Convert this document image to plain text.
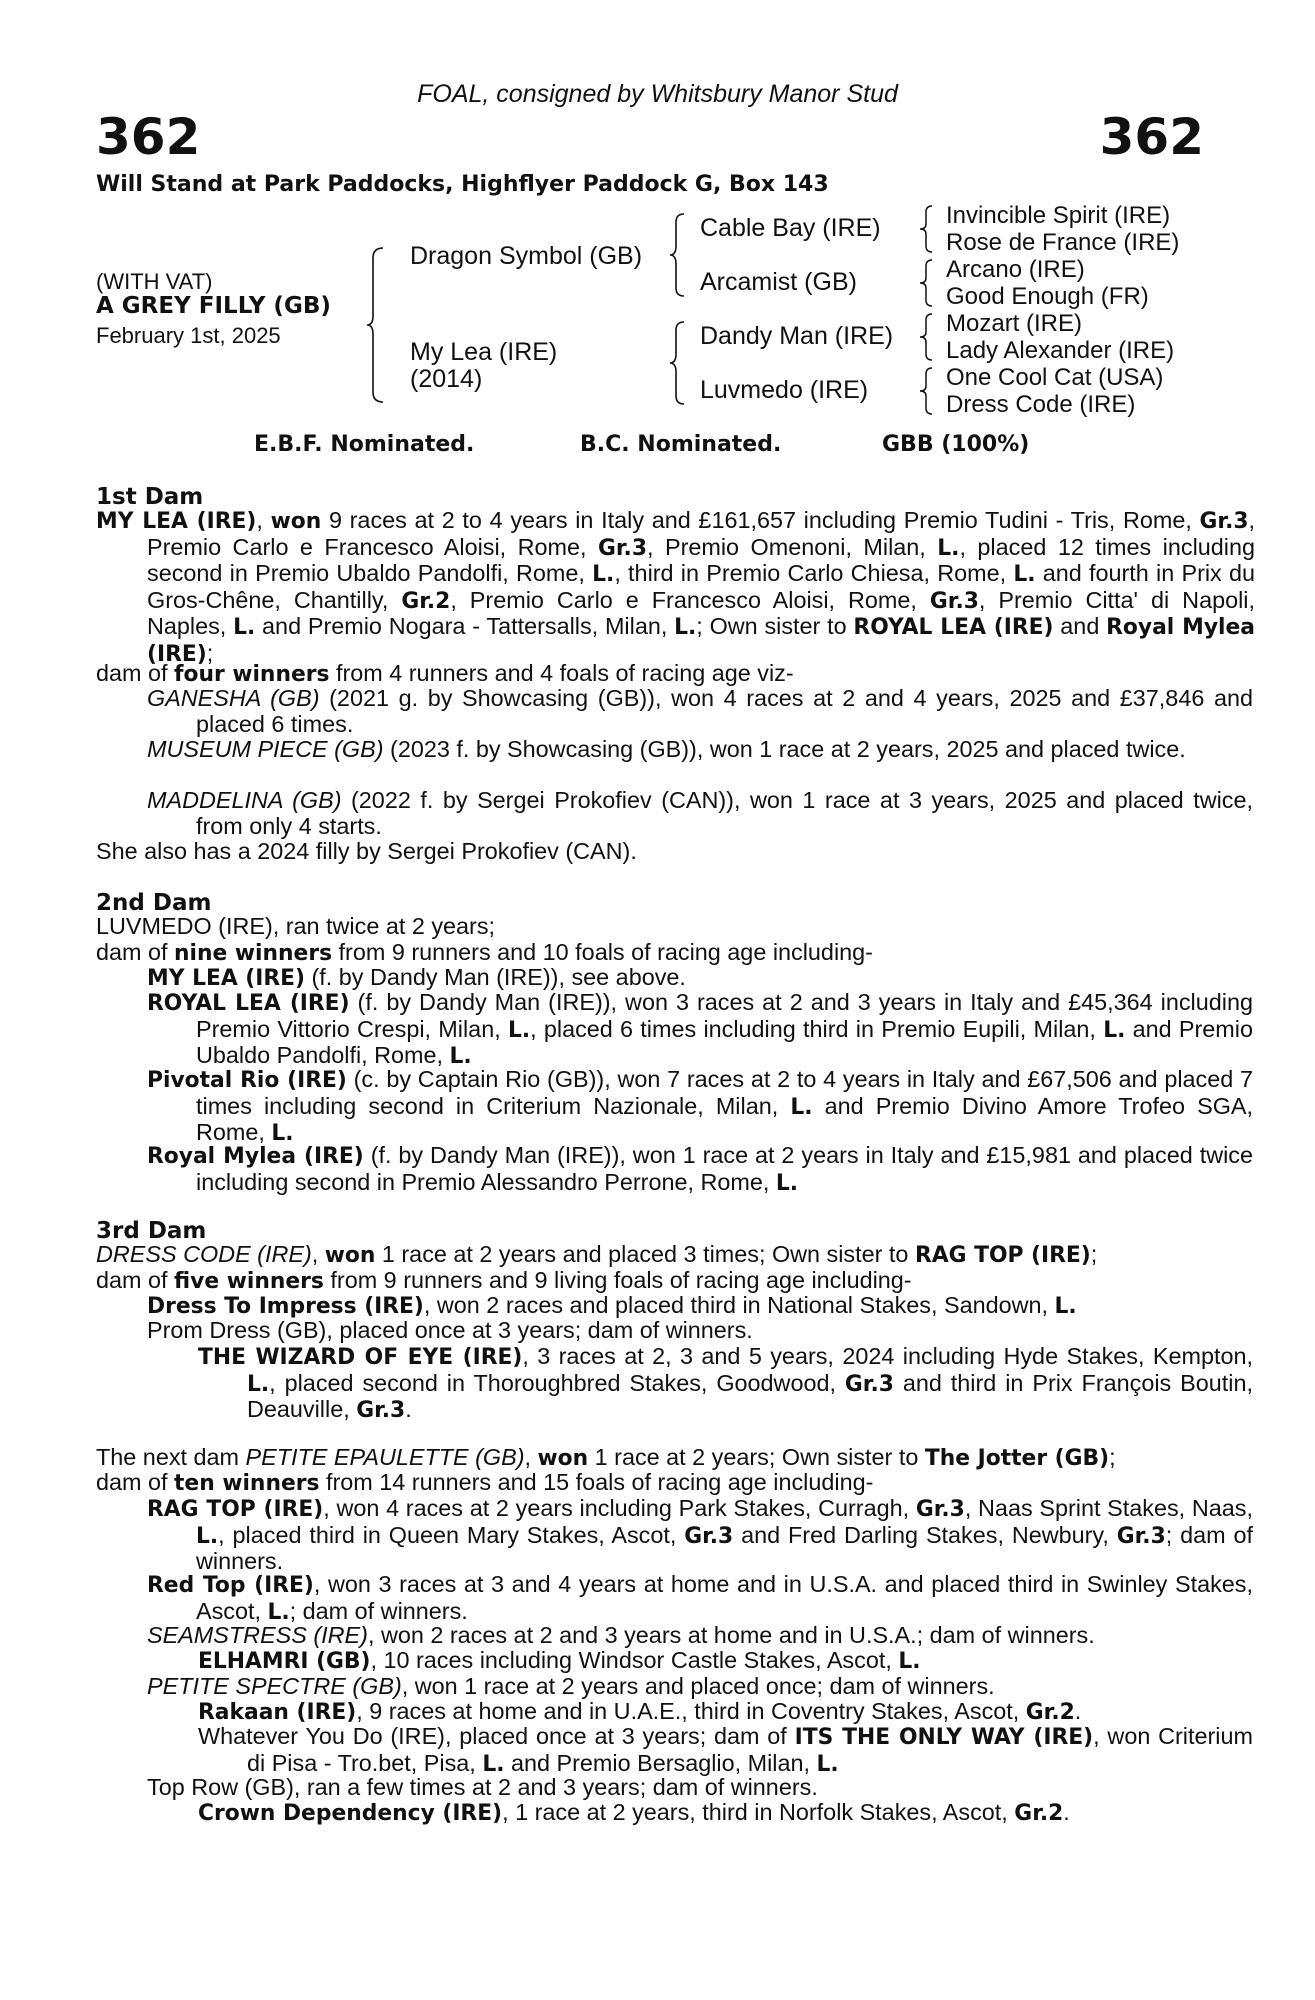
FOAL, consigned by Whitsbury Manor Stud
362	362
Will Stand at Park Paddocks, Highflyer Paddock G, Box 143
(WITH VAT)
A GREY FILLY (GB)
February 1st, 2025
Dragon Symbol (GB)
My Lea (IRE)
(2014)
Cable Bay (IRE)
Arcamist (GB)
Dandy Man (IRE)
Luvmedo (IRE)
Invincible Spirit (IRE)
Rose de France (IRE)
Arcano (IRE)
Good Enough (FR)
Mozart (IRE)
Lady Alexander (IRE)
One Cool Cat (USA)
Dress Code (IRE)
E.B.F. Nominated.	B.C. Nominated.	GBB (100%)
1st Dam
MY LEA (IRE), won 9 races at 2 to 4 years in Italy and £161,657 including Premio Tudini - Tris, Rome, Gr.3, Premio Carlo e Francesco Aloisi, Rome, Gr.3, Premio Omenoni, Milan, L., placed 12 times including second in Premio Ubaldo Pandolfi, Rome, L., third in Premio Carlo Chiesa, Rome, L. and fourth in Prix du Gros-Chêne, Chantilly, Gr.2, Premio Carlo e Francesco Aloisi, Rome, Gr.3, Premio Citta' di Napoli, Naples, L. and Premio Nogara - Tattersalls, Milan, L.; Own sister to ROYAL LEA (IRE) and Royal Mylea (IRE);
dam of four winners from 4 runners and 4 foals of racing age viz-
GANESHA (GB) (2021 g. by Showcasing (GB)), won 4 races at 2 and 4 years, 2025 and £37,846 and placed 6 times.
MUSEUM PIECE (GB) (2023 f. by Showcasing (GB)), won 1 race at 2 years, 2025 and placed twice.
MADDELINA (GB) (2022 f. by Sergei Prokofiev (CAN)), won 1 race at 3 years, 2025 and placed twice, from only 4 starts.
She also has a 2024 filly by Sergei Prokofiev (CAN).
2nd Dam
LUVMEDO (IRE), ran twice at 2 years;
dam of nine winners from 9 runners and 10 foals of racing age including-
MY LEA (IRE) (f. by Dandy Man (IRE)), see above.
ROYAL LEA (IRE) (f. by Dandy Man (IRE)), won 3 races at 2 and 3 years in Italy and £45,364 including Premio Vittorio Crespi, Milan, L., placed 6 times including third in Premio Eupili, Milan, L. and Premio Ubaldo Pandolfi, Rome, L.
Pivotal Rio (IRE) (c. by Captain Rio (GB)), won 7 races at 2 to 4 years in Italy and £67,506 and placed 7 times including second in Criterium Nazionale, Milan, L. and Premio Divino Amore Trofeo SGA, Rome, L.
Royal Mylea (IRE) (f. by Dandy Man (IRE)), won 1 race at 2 years in Italy and £15,981 and placed twice including second in Premio Alessandro Perrone, Rome, L.
3rd Dam
DRESS CODE (IRE), won 1 race at 2 years and placed 3 times; Own sister to RAG TOP (IRE);
dam of five winners from 9 runners and 9 living foals of racing age including-
Dress To Impress (IRE), won 2 races and placed third in National Stakes, Sandown, L.
Prom Dress (GB), placed once at 3 years; dam of winners.
THE WIZARD OF EYE (IRE), 3 races at 2, 3 and 5 years, 2024 including Hyde Stakes, Kempton, L., placed second in Thoroughbred Stakes, Goodwood, Gr.3 and third in Prix François Boutin, Deauville, Gr.3.
The next dam PETITE EPAULETTE (GB), won 1 race at 2 years; Own sister to The Jotter (GB);
dam of ten winners from 14 runners and 15 foals of racing age including-
RAG TOP (IRE), won 4 races at 2 years including Park Stakes, Curragh, Gr.3, Naas Sprint Stakes, Naas, L., placed third in Queen Mary Stakes, Ascot, Gr.3 and Fred Darling Stakes, Newbury, Gr.3; dam of winners.
Red Top (IRE), won 3 races at 3 and 4 years at home and in U.S.A. and placed third in Swinley Stakes, Ascot, L.; dam of winners.
SEAMSTRESS (IRE), won 2 races at 2 and 3 years at home and in U.S.A.; dam of winners.
ELHAMRI (GB), 10 races including Windsor Castle Stakes, Ascot, L.
PETITE SPECTRE (GB), won 1 race at 2 years and placed once; dam of winners.
Rakaan (IRE), 9 races at home and in U.A.E., third in Coventry Stakes, Ascot, Gr.2.
Whatever You Do (IRE), placed once at 3 years; dam of ITS THE ONLY WAY (IRE), won Criterium di Pisa - Tro.bet, Pisa, L. and Premio Bersaglio, Milan, L.
Top Row (GB), ran a few times at 2 and 3 years; dam of winners.
Crown Dependency (IRE), 1 race at 2 years, third in Norfolk Stakes, Ascot, Gr.2.
